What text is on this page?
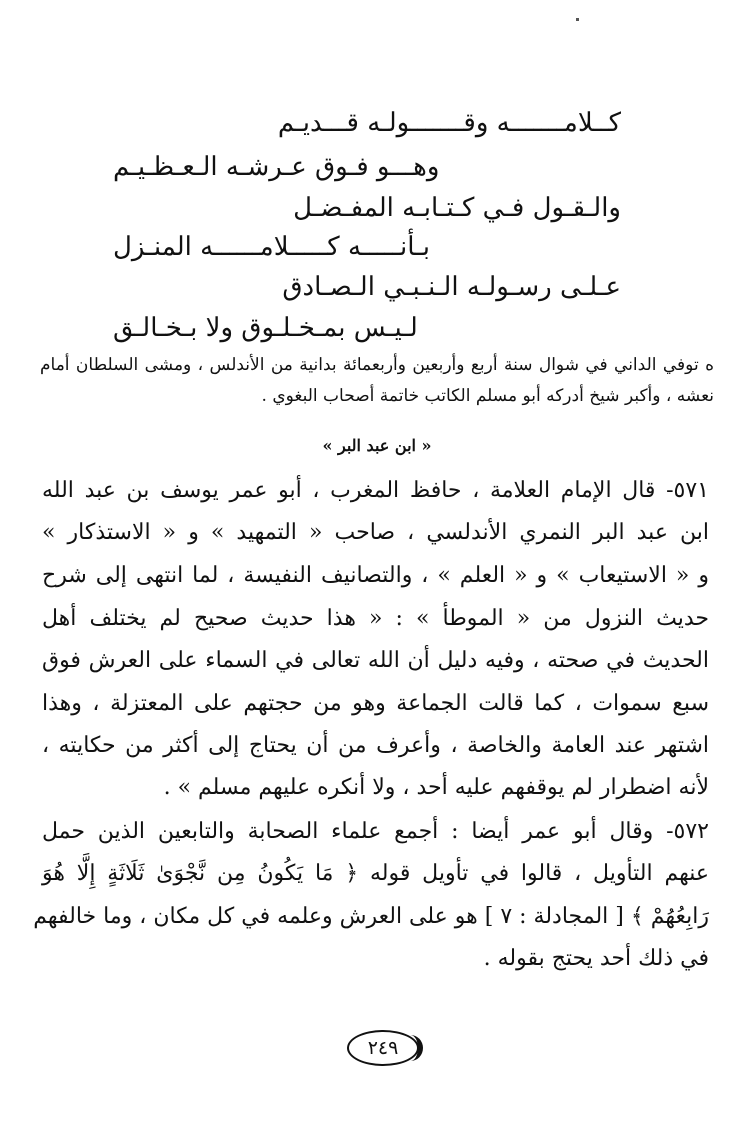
كــلامـــــــه وقـــــــولـه قـــديـم
وهـــو فـوق عـرشـه الـعـظـيـم
والـقـول فـي كـتـابـه المفـضـل
بـأنـــــه كـــــلامــــــه المنـزل
عـلـى رسـولـه الـنـبـي الـصـادق
لـيـس بمـخـلـوق ولا بـخـالـق
ە توفي الداني في شوال سنة أربع وأربعين وأربعمائة بدانية من الأندلس ، ومشى السلطان أمام نعشه ، وأكبر شيخ أدركه أبو مسلم الكاتب خاتمة أصحاب البغوي .
« ابن عبد البر »
٥٧١- قال الإمام العلامة ، حافظ المغرب ، أبو عمر يوسف بن عبد الله
ابن عبد البر النمري الأندلسي ، صاحب « التمهيد » و « الاستذكار »
و « الاستيعاب » و « العلم » ، والتصانيف النفيسة ، لما انتهى إلى شرح
حديث النزول من « الموطأ » : « هذا حديث صحيح لم يختلف أهل
الحديث في صحته ، وفيه دليل أن الله تعالى في السماء على العرش فوق
سبع سموات ، كما قالت الجماعة وهو من حجتهم على المعتزلة ، وهذا
اشتهر عند العامة والخاصة ، وأعرف من أن يحتاج إلى أكثر من حكايته ،
لأنه اضطرار لم يوقفهم عليه أحد ، ولا أنكره عليهم مسلم » .
٥٧٢- وقال أبو عمر أيضا : أجمع علماء الصحابة والتابعين الذين حمل
عنهم التأويل ، قالوا في تأويل قوله ﴿ مَا يَكُونُ مِن نَّجْوَىٰ ثَلَاثَةٍ إِلَّا هُوَ
رَابِعُهُمْ ﴾ [ المجادلة : ٧ ] هو على العرش وعلمه في كل مكان ، وما خالفهم
في ذلك أحد يحتج بقوله .
٢٤٩
